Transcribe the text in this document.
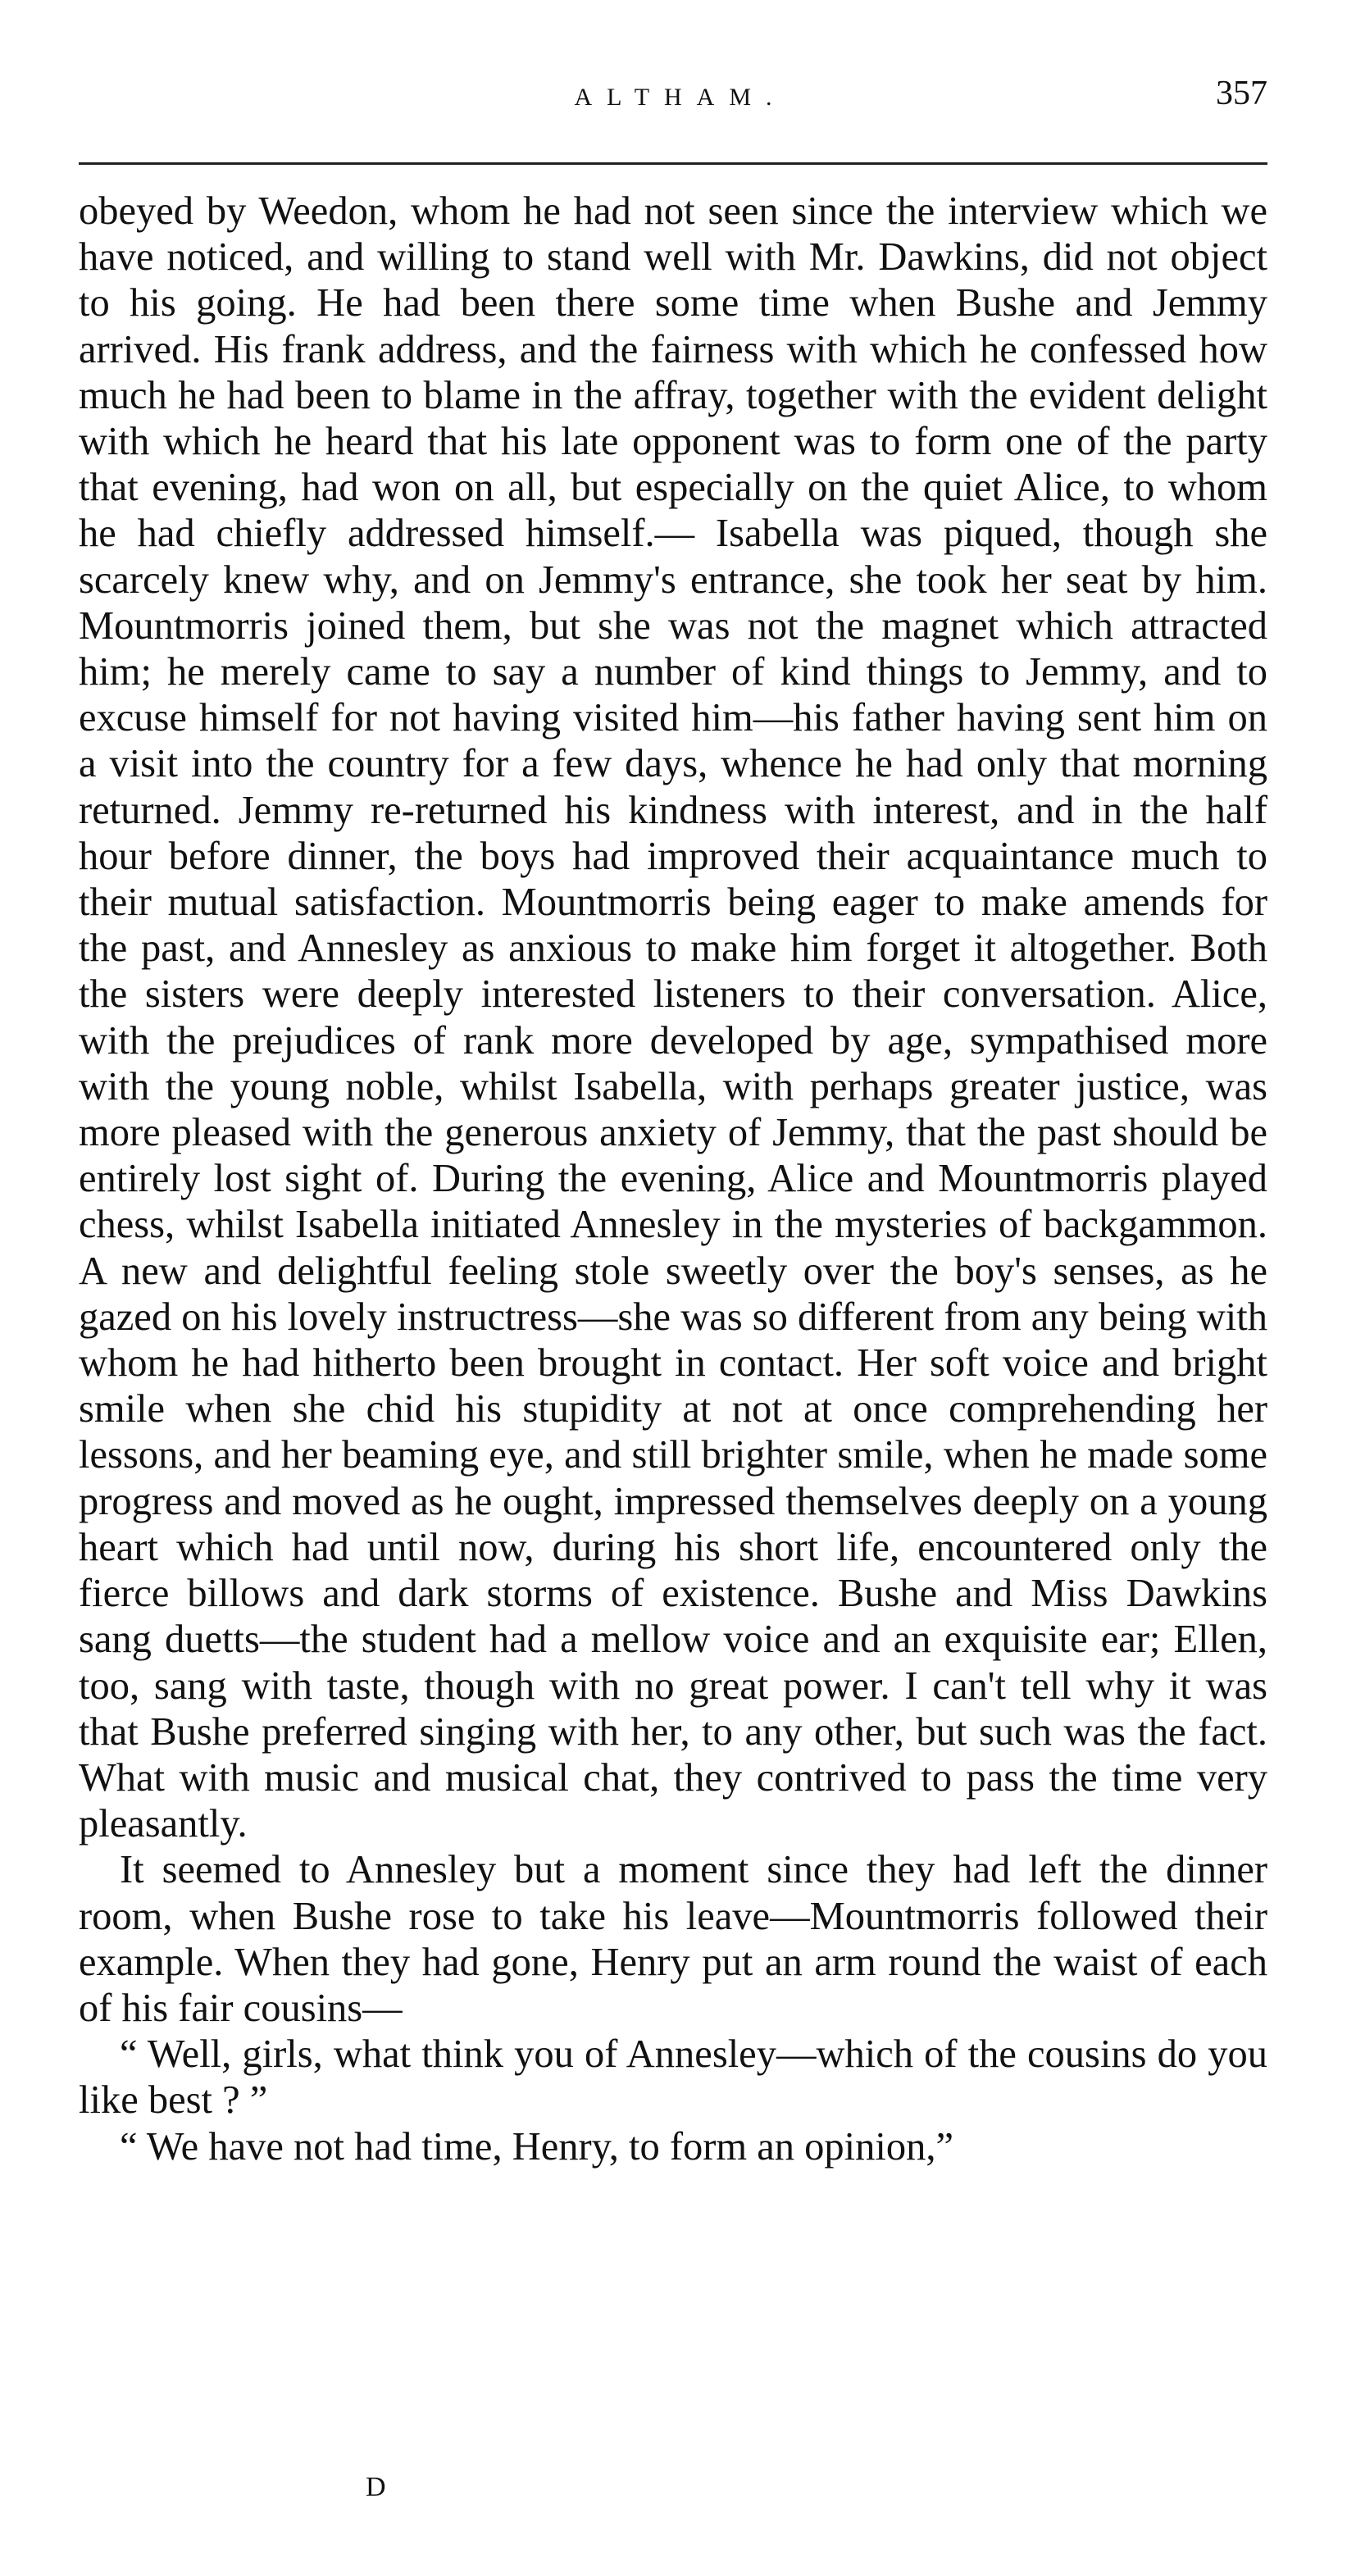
ALTHAM.	357

obeyed by Weedon, whom he had not seen since the interview which we have noticed, and willing to stand well with Mr. Dawkins, did not object to his going. He had been there some time when Bushe and Jemmy arrived. His frank address, and the fairness with which he confessed how much he had been to blame in the affray, together with the evident delight with which he heard that his late opponent was to form one of the party that evening, had won on all, but especially on the quiet Alice, to whom he had chiefly addressed himself.— Isabella was piqued, though she scarcely knew why, and on Jemmy's entrance, she took her seat by him. Mountmorris joined them, but she was not the magnet which attracted him; he merely came to say a number of kind things to Jemmy, and to excuse himself for not having visited him—his father having sent him on a visit into the country for a few days, whence he had only that morning returned. Jemmy re-returned his kindness with interest, and in the half hour before dinner, the boys had improved their acquaintance much to their mutual satisfaction. Mountmorris being eager to make amends for the past, and Annesley as anxious to make him forget it altogether. Both the sisters were deeply interested listeners to their conversation. Alice, with the prejudices of rank more developed by age, sympathised more with the young noble, whilst Isabella, with perhaps greater justice, was more pleased with the generous anxiety of Jemmy, that the past should be entirely lost sight of. During the evening, Alice and Mountmorris played chess, whilst Isabella initiated Annesley in the mysteries of backgammon. A new and delightful feeling stole sweetly over the boy's senses, as he gazed on his lovely instructress—she was so different from any being with whom he had hitherto been brought in contact. Her soft voice and bright smile when she chid his stupidity at not at once comprehending her lessons, and her beaming eye, and still brighter smile, when he made some progress and moved as he ought, impressed themselves deeply on a young heart which had until now, during his short life, encountered only the fierce billows and dark storms of existence. Bushe and Miss Dawkins sang duetts—the student had a mellow voice and an exquisite ear; Ellen, too, sang with taste, though with no great power. I can't tell why it was that Bushe preferred singing with her, to any other, but such was the fact. What with music and musical chat, they contrived to pass the time very pleasantly.

It seemed to Annesley but a moment since they had left the dinner room, when Bushe rose to take his leave—Mountmorris followed their example. When they had gone, Henry put an arm round the waist of each of his fair cousins—

“ Well, girls, what think you of Annesley—which of the cousins do you like best ? ”

“ We have not had time, Henry, to form an opinion,”

D
